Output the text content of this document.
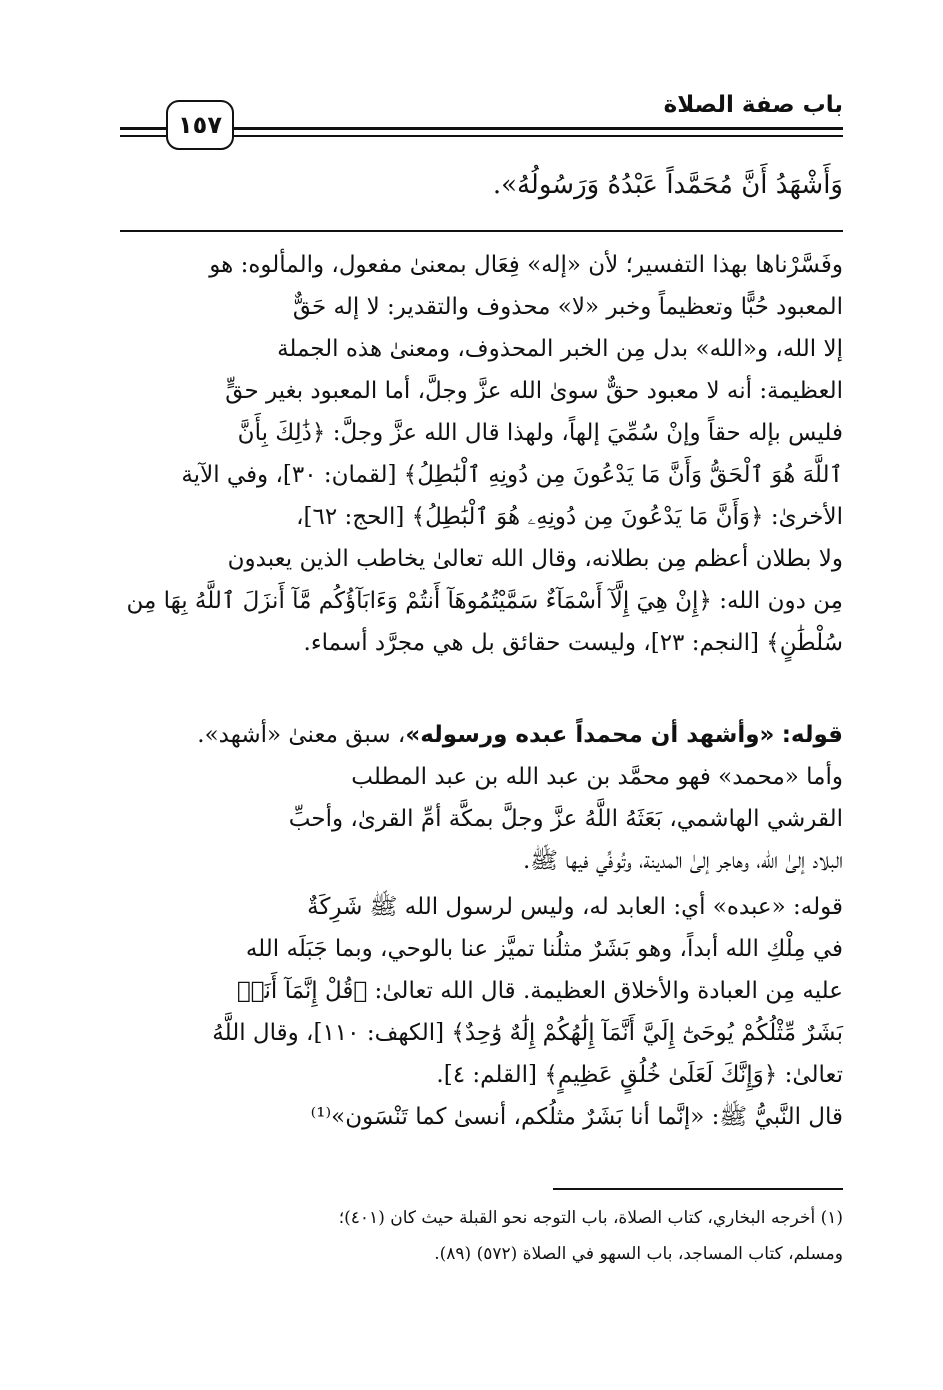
باب صفة الصلاة
١٥٧
وَأَشْهَدُ أَنَّ مُحَمَّداً عَبْدُهُ وَرَسُولُهُ».
وفَسَّرْناها بهذا التفسير؛ لأن «إله» فِعَال بمعنىٰ مفعول، والمألوه: هو
المعبود حُبًّا وتعظيماً وخبر «لا» محذوف والتقدير: لا إله حَقٌّ
إلا الله، و«الله» بدل مِن الخبر المحذوف، ومعنىٰ هذه الجملة
العظيمة: أنه لا معبود حقٌّ سوىٰ الله عزَّ وجلَّ، أما المعبود بغير حقٍّ
فليس بإله حقاً وإنْ سُمِّيَ إلهاً، ولهذا قال الله عزَّ وجلَّ: ﴿ذَٰلِكَ بِأَنَّ
ٱللَّهَ هُوَ ٱلْحَقُّ وَأَنَّ مَا يَدْعُونَ مِن دُونِهِ ٱلْبَٰطِلُ﴾ [لقمان: ٣٠]، وفي الآية
الأخرىٰ: ﴿وَأَنَّ مَا يَدْعُونَ مِن دُونِهِۦ هُوَ ٱلْبَٰطِلُ﴾ [الحج: ٦٢]،
ولا بطلان أعظم مِن بطلانه، وقال الله تعالىٰ يخاطب الذين يعبدون
مِن دون الله: ﴿إِنْ هِيَ إِلَّآ أَسْمَآءٌ سَمَّيْتُمُوهَآ أَنتُمْ وَءَابَآؤُكُم مَّآ أَنزَلَ ٱللَّهُ بِهَا مِن
سُلْطَٰنٍ﴾ [النجم: ٢٣]، وليست حقائق بل هي مجرَّد أسماء.
قوله: «وأشهد أن محمداً عبده ورسوله»، سبق معنىٰ «أشهد».
وأما «محمد» فهو محمَّد بن عبد الله بن عبد المطلب
القرشي الهاشمي، بَعَثَهُ اللَّهُ عزَّ وجلَّ بمكَّة أمِّ القرىٰ، وأحبِّ
البلاد إلىٰ الله، وهاجر إلىٰ المدينة، وتُوفِّي فيها ﷺ.
قوله: «عبده» أي: العابد له، وليس لرسول الله ﷺ شَرِكَةٌ
في مِلْكِ الله أبداً، وهو بَشَرٌ مثلُنا تميَّز عنا بالوحي، وبما جَبَلَه الله
عليه مِن العبادة والأخلاق العظيمة. قال الله تعالىٰ: ﴿قُلْ إِنَّمَآ أَنَا۠
بَشَرٌ مِّثْلُكُمْ يُوحَىٰٓ إِلَيَّ أَنَّمَآ إِلَٰهُكُمْ إِلَٰهٌ وَٰحِدٌ﴾ [الكهف: ١١٠]، وقال اللَّهُ
تعالىٰ: ﴿وَإِنَّكَ لَعَلَىٰ خُلُقٍ عَظِيمٍ﴾ [القلم: ٤].
قال النَّبيُّ ﷺ: «إنَّما أنا بَشَرٌ مثلُكم، أنسىٰ كما تَنْسَون»⁽¹⁾
(١) أخرجه البخاري، كتاب الصلاة، باب التوجه نحو القبلة حيث كان (٤٠١)؛
ومسلم، كتاب المساجد، باب السهو في الصلاة (٥٧٢) (٨٩).
